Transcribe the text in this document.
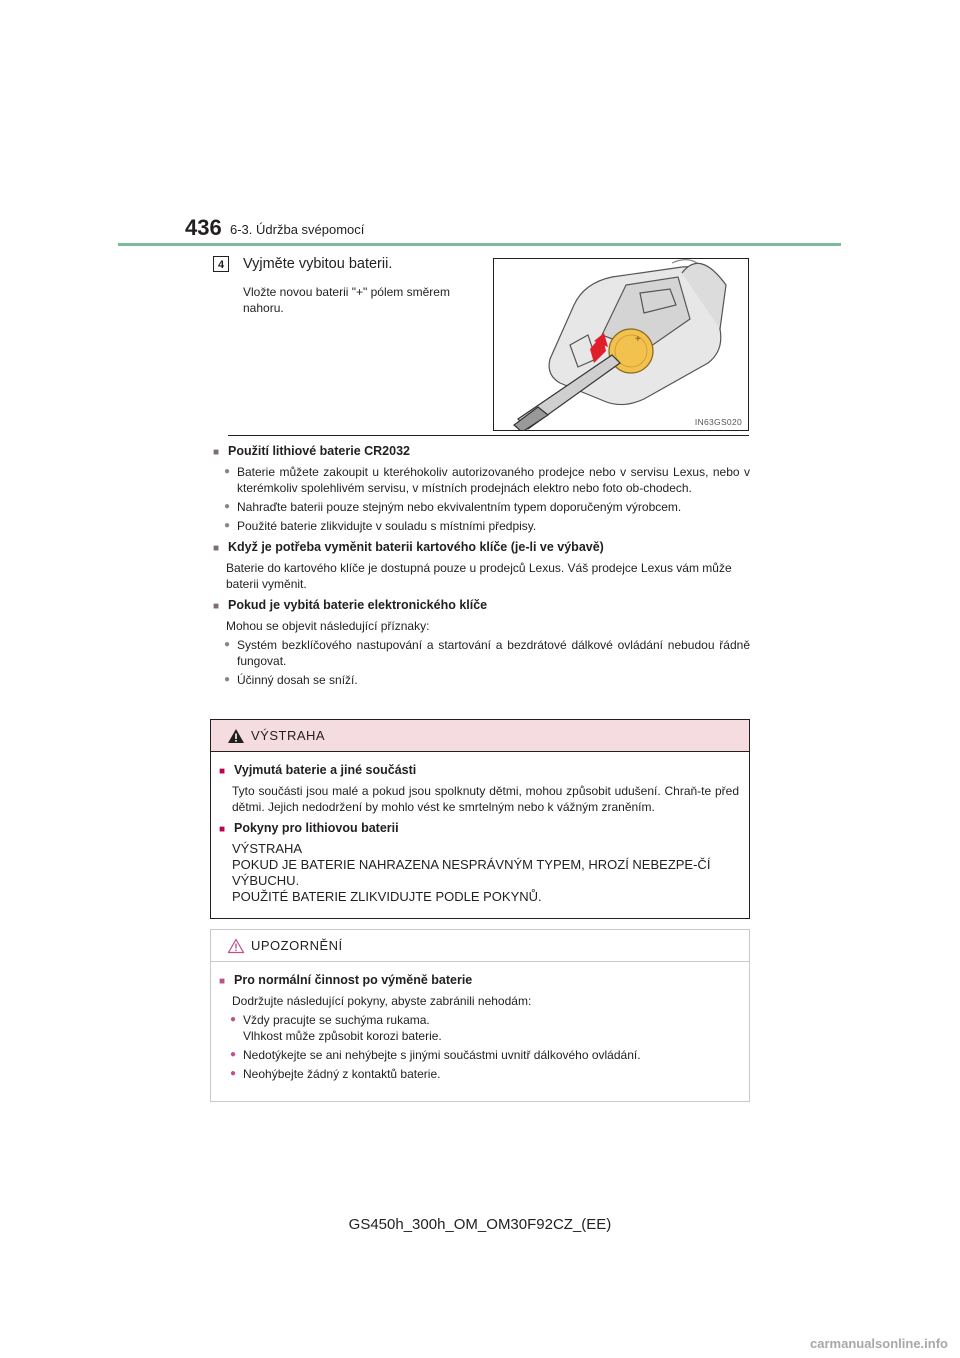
436 6-3. Údržba svépomocí
4	Vyjměte vybitou baterii.
Vložte novou baterii "+" pólem směrem nahoru.
+
IN63GS020
■ Použití lithiové baterie CR2032
● Baterie můžete zakoupit u kteréhokoliv autorizovaného prodejce nebo v servisu Lexus, nebo v kterémkoliv spolehlivém servisu, v místních prodejnách elektro nebo foto ob-chodech.
● Nahraďte baterii pouze stejným nebo ekvivalentním typem doporučeným výrobcem.
● Použité baterie zlikvidujte v souladu s místními předpisy.
■ Když je potřeba vyměnit baterii kartového klíče (je-li ve výbavě)
Baterie do kartového klíče je dostupná pouze u prodejců Lexus. Váš prodejce Lexus vám může baterii vyměnit.
■ Pokud je vybitá baterie elektronického klíče
Mohou se objevit následující příznaky:
● Systém bezklíčového nastupování a startování a bezdrátové dálkové ovládání nebudou řádně fungovat.
● Účinný dosah se sníží.
VÝSTRAHA
■ Vyjmutá baterie a jiné součásti
Tyto součásti jsou malé a pokud jsou spolknuty dětmi, mohou způsobit udušení. Chraň-te před dětmi. Jejich nedodržení by mohlo vést ke smrtelným nebo k vážným zraněním.
■ Pokyny pro lithiovou baterii
VÝSTRAHA
POKUD JE BATERIE NAHRAZENA NESPRÁVNÝM TYPEM, HROZÍ NEBEZPE-ČÍ VÝBUCHU.
POUŽITÉ BATERIE ZLIKVIDUJTE PODLE POKYNŮ.
UPOZORNĚNÍ
■ Pro normální činnost po výměně baterie
Dodržujte následující pokyny, abyste zabránili nehodám:
● Vždy pracujte se suchýma rukama.
Vlhkost může způsobit korozi baterie.
● Nedotýkejte se ani nehýbejte s jinými součástmi uvnitř dálkového ovládání.
● Neohýbejte žádný z kontaktů baterie.
GS450h_300h_OM_OM30F92CZ_(EE)
carmanualsonline.info
